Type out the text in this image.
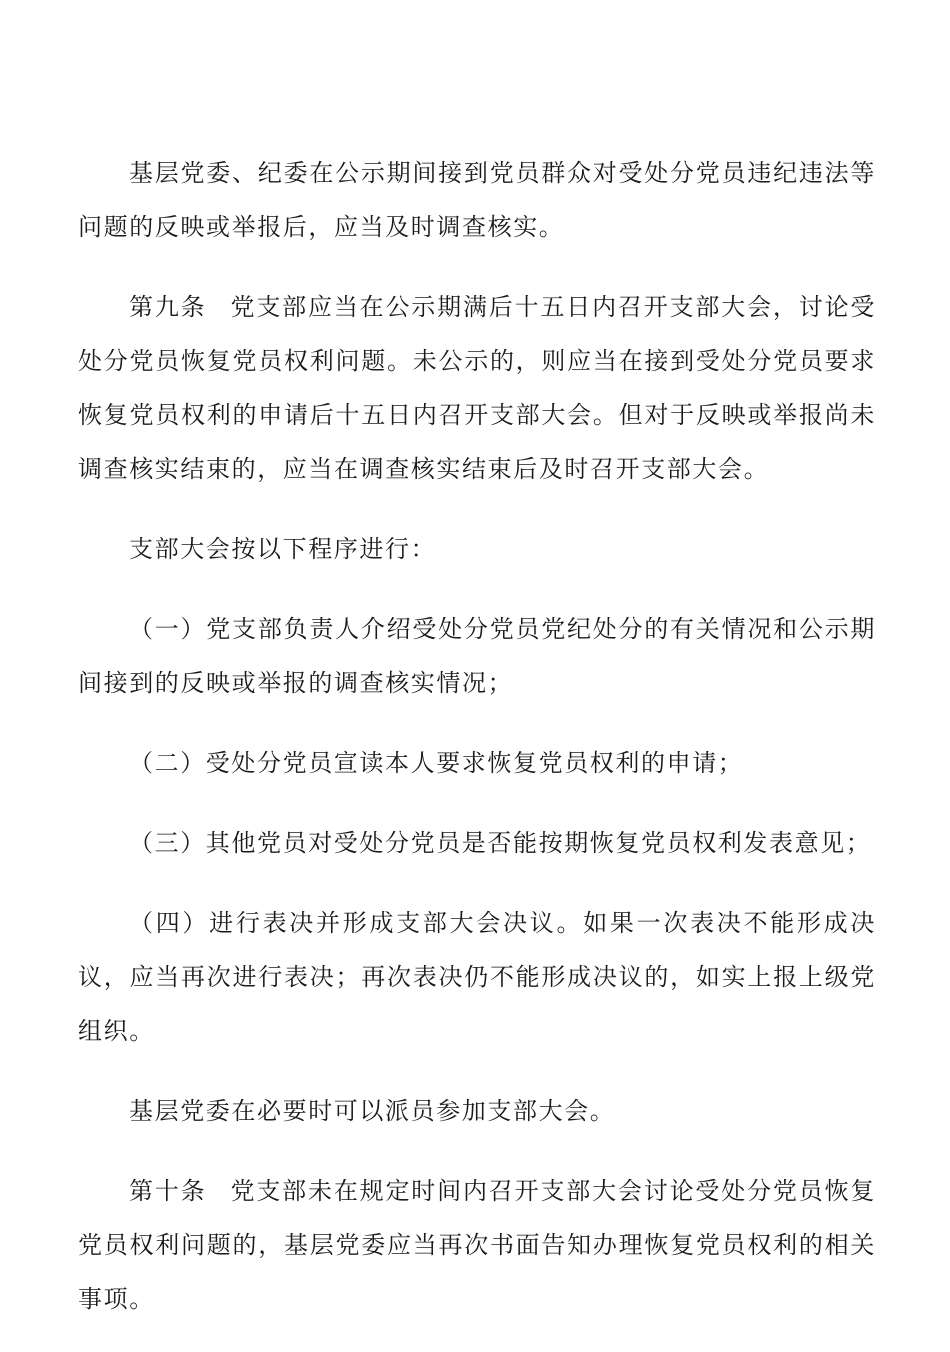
基层党委、纪委在公示期间接到党员群众对受处分党员违纪违法等问题的反映或举报后，应当及时调查核实。

第九条 党支部应当在公示期满后十五日内召开支部大会，讨论受处分党员恢复党员权利问题。未公示的，则应当在接到受处分党员要求恢复党员权利的申请后十五日内召开支部大会。但对于反映或举报尚未调查核实结束的，应当在调查核实结束后及时召开支部大会。

支部大会按以下程序进行：

（一）党支部负责人介绍受处分党员党纪处分的有关情况和公示期间接到的反映或举报的调查核实情况；

（二）受处分党员宣读本人要求恢复党员权利的申请；

（三）其他党员对受处分党员是否能按期恢复党员权利发表意见；

（四）进行表决并形成支部大会决议。如果一次表决不能形成决议，应当再次进行表决；再次表决仍不能形成决议的，如实上报上级党组织。

基层党委在必要时可以派员参加支部大会。

第十条 党支部未在规定时间内召开支部大会讨论受处分党员恢复党员权利问题的，基层党委应当再次书面告知办理恢复党员权利的相关事项。
